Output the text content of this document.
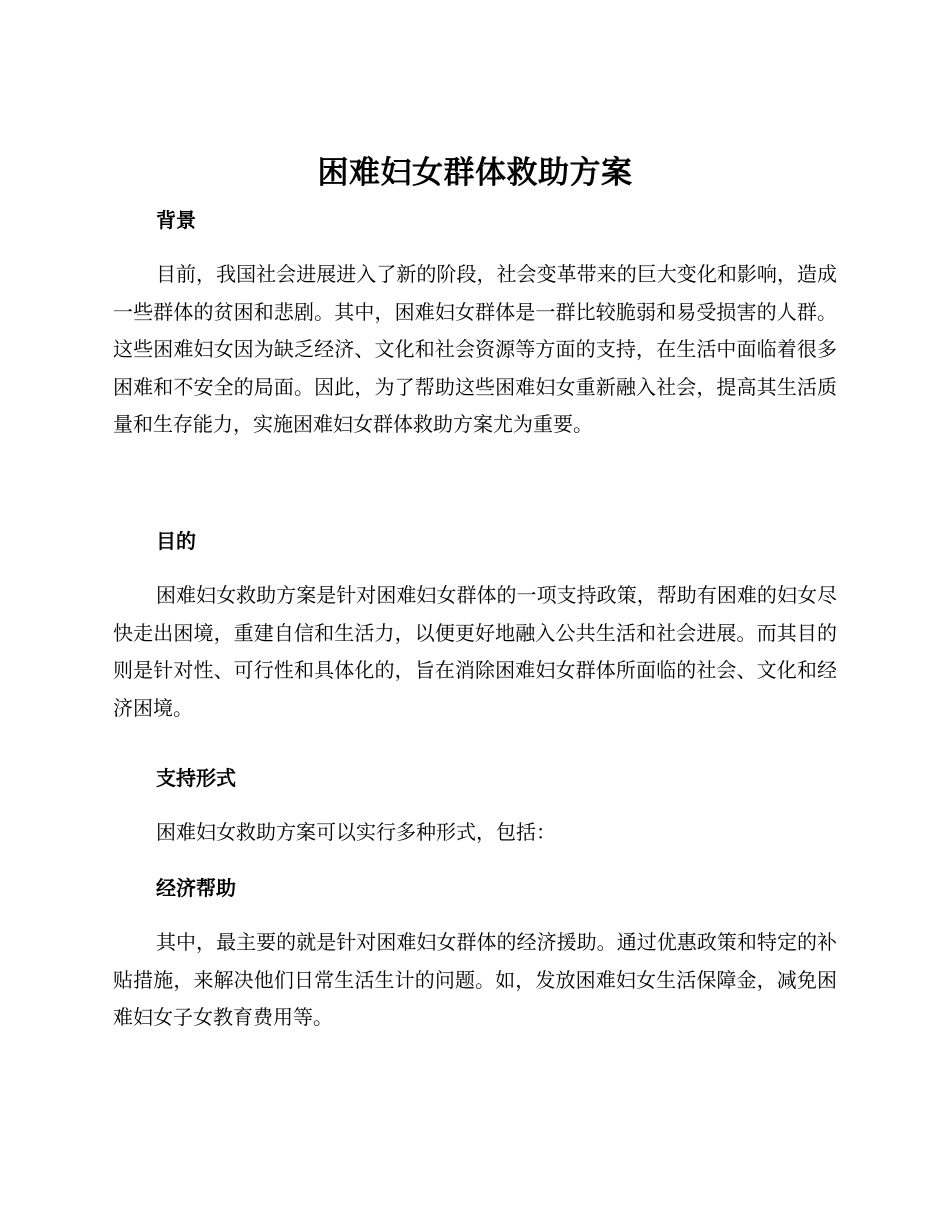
困难妇女群体救助方案
背景

目前，我国社会进展进入了新的阶段，社会变革带来的巨大变化和影响，造成一些群体的贫困和悲剧。其中，困难妇女群体是一群比较脆弱和易受损害的人群。这些困难妇女因为缺乏经济、文化和社会资源等方面的支持，在生活中面临着很多困难和不安全的局面。因此，为了帮助这些困难妇女重新融入社会，提高其生活质量和生存能力，实施困难妇女群体救助方案尤为重要。

目的

困难妇女救助方案是针对困难妇女群体的一项支持政策，帮助有困难的妇女尽快走出困境，重建自信和生活力，以便更好地融入公共生活和社会进展。而其目的则是针对性、可行性和具体化的，旨在消除困难妇女群体所面临的社会、文化和经济困境。

支持形式

困难妇女救助方案可以实行多种形式，包括：

经济帮助

其中，最主要的就是针对困难妇女群体的经济援助。通过优惠政策和特定的补贴措施，来解决他们日常生活生计的问题。如，发放困难妇女生活保障金，减免困难妇女子女教育费用等。
